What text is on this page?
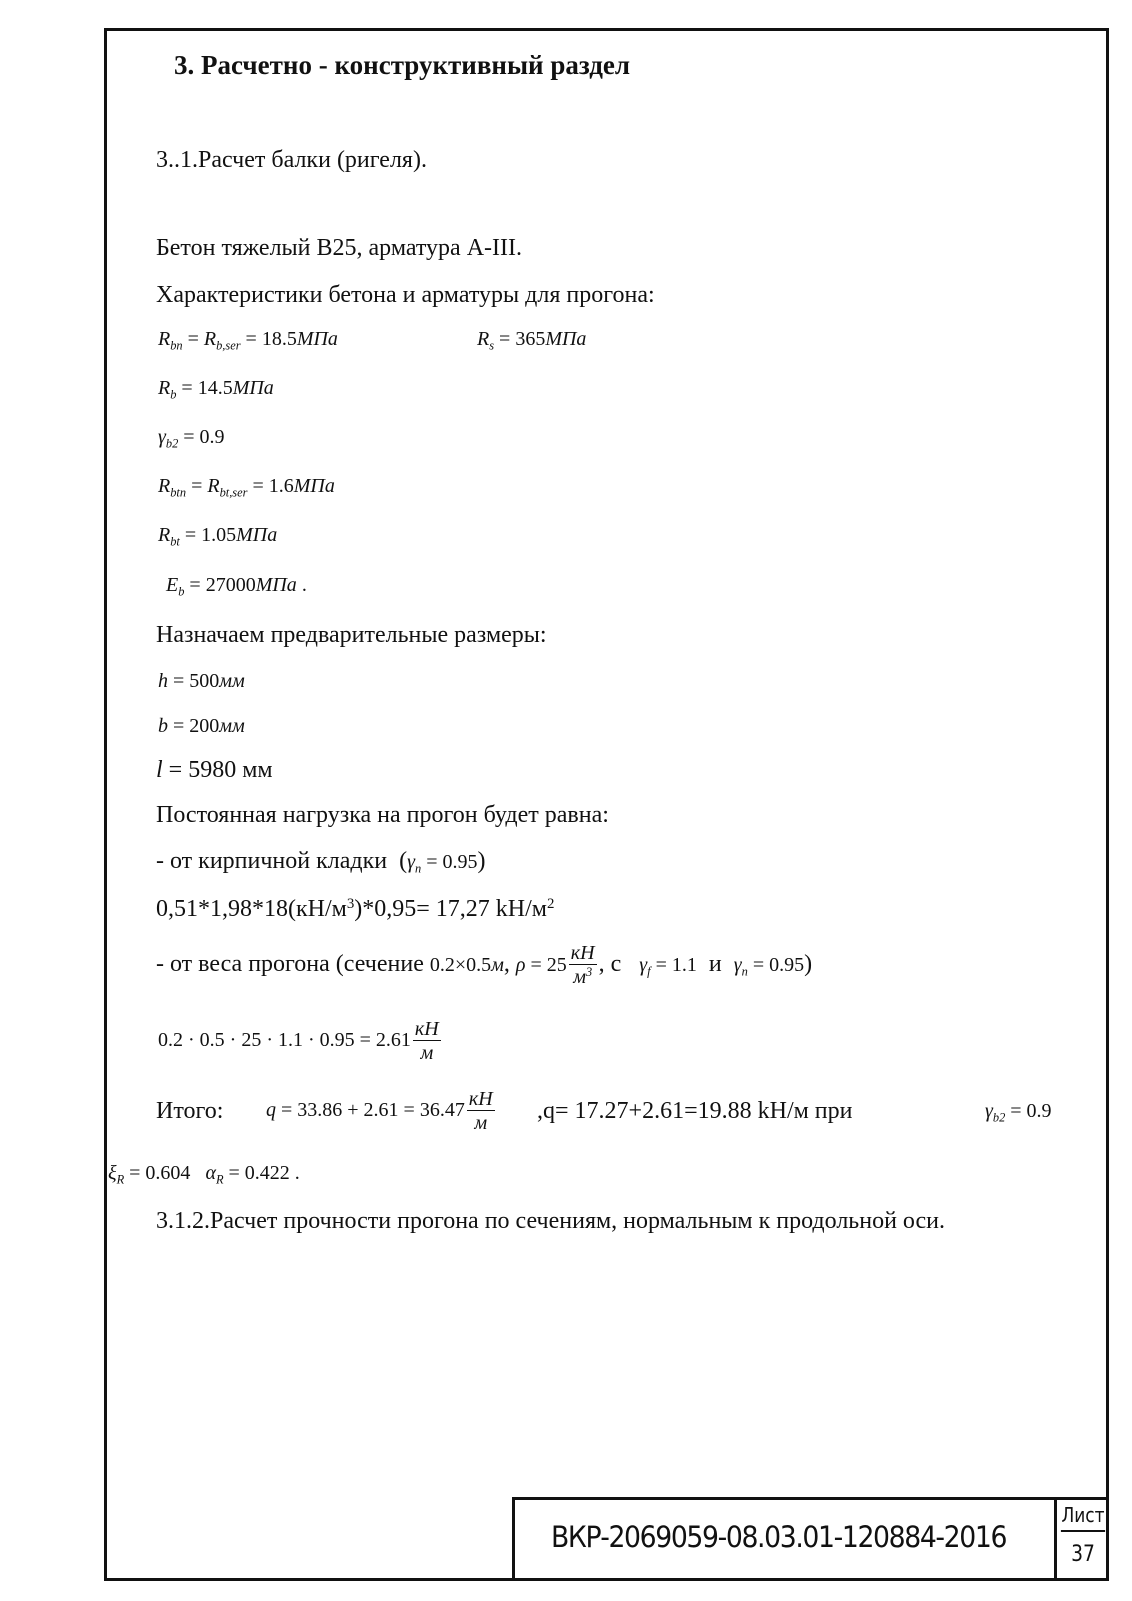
3. Расчетно - конструктивный раздел
3..1.Расчет балки (ригеля).
Бетон тяжелый В25, арматура А-III.
Характеристики бетона и арматуры для прогона:
$R_{bn} = R_{b,ser} = 18.5МПа$	$R_s = 365МПа$
$R_b = 14.5МПа$
$\gamma_{b2} = 0.9$
$R_{btn} = R_{bt,ser} = 1.6МПа$
$R_{bt} = 1.05МПа$
$E_b = 27000МПа$ .
Назначаем предварительные размеры:
h = 500мм
b = 200мм
l = 5980 мм
Постоянная нагрузка на прогон будет равна:
- от кирпичной кладки  $(\gamma_n = 0.95)$
$0,51*1,98*18(кН/м^3)*0,95= 17,27$ $kH/м^2$
- от веса прогона (сечение 0.2×0.5м, $\rho = 25 \frac{кН}{м^3}$ , с $\gamma_f = 1.1$ и $\gamma_n = 0.95$)
$0.2 \cdot 0.5 \cdot 25 \cdot 1.1 \cdot 0.95 = 2.61 \frac{кН}{м}$
Итого: $q = 33.86 + 2.61 = 36.47 \frac{кН}{м} ,q= 17.27+2.61=19.88$ kH/м при	$\gamma_{b2} = 0.9$
$\xi_R = 0.604$ $\alpha_R = 0.422$ .
3.1.2.Расчет прочности прогона по сечениям, нормальным к продольной оси.
ВКР-2069059-08.03.01-120884-2016
Лист
37
